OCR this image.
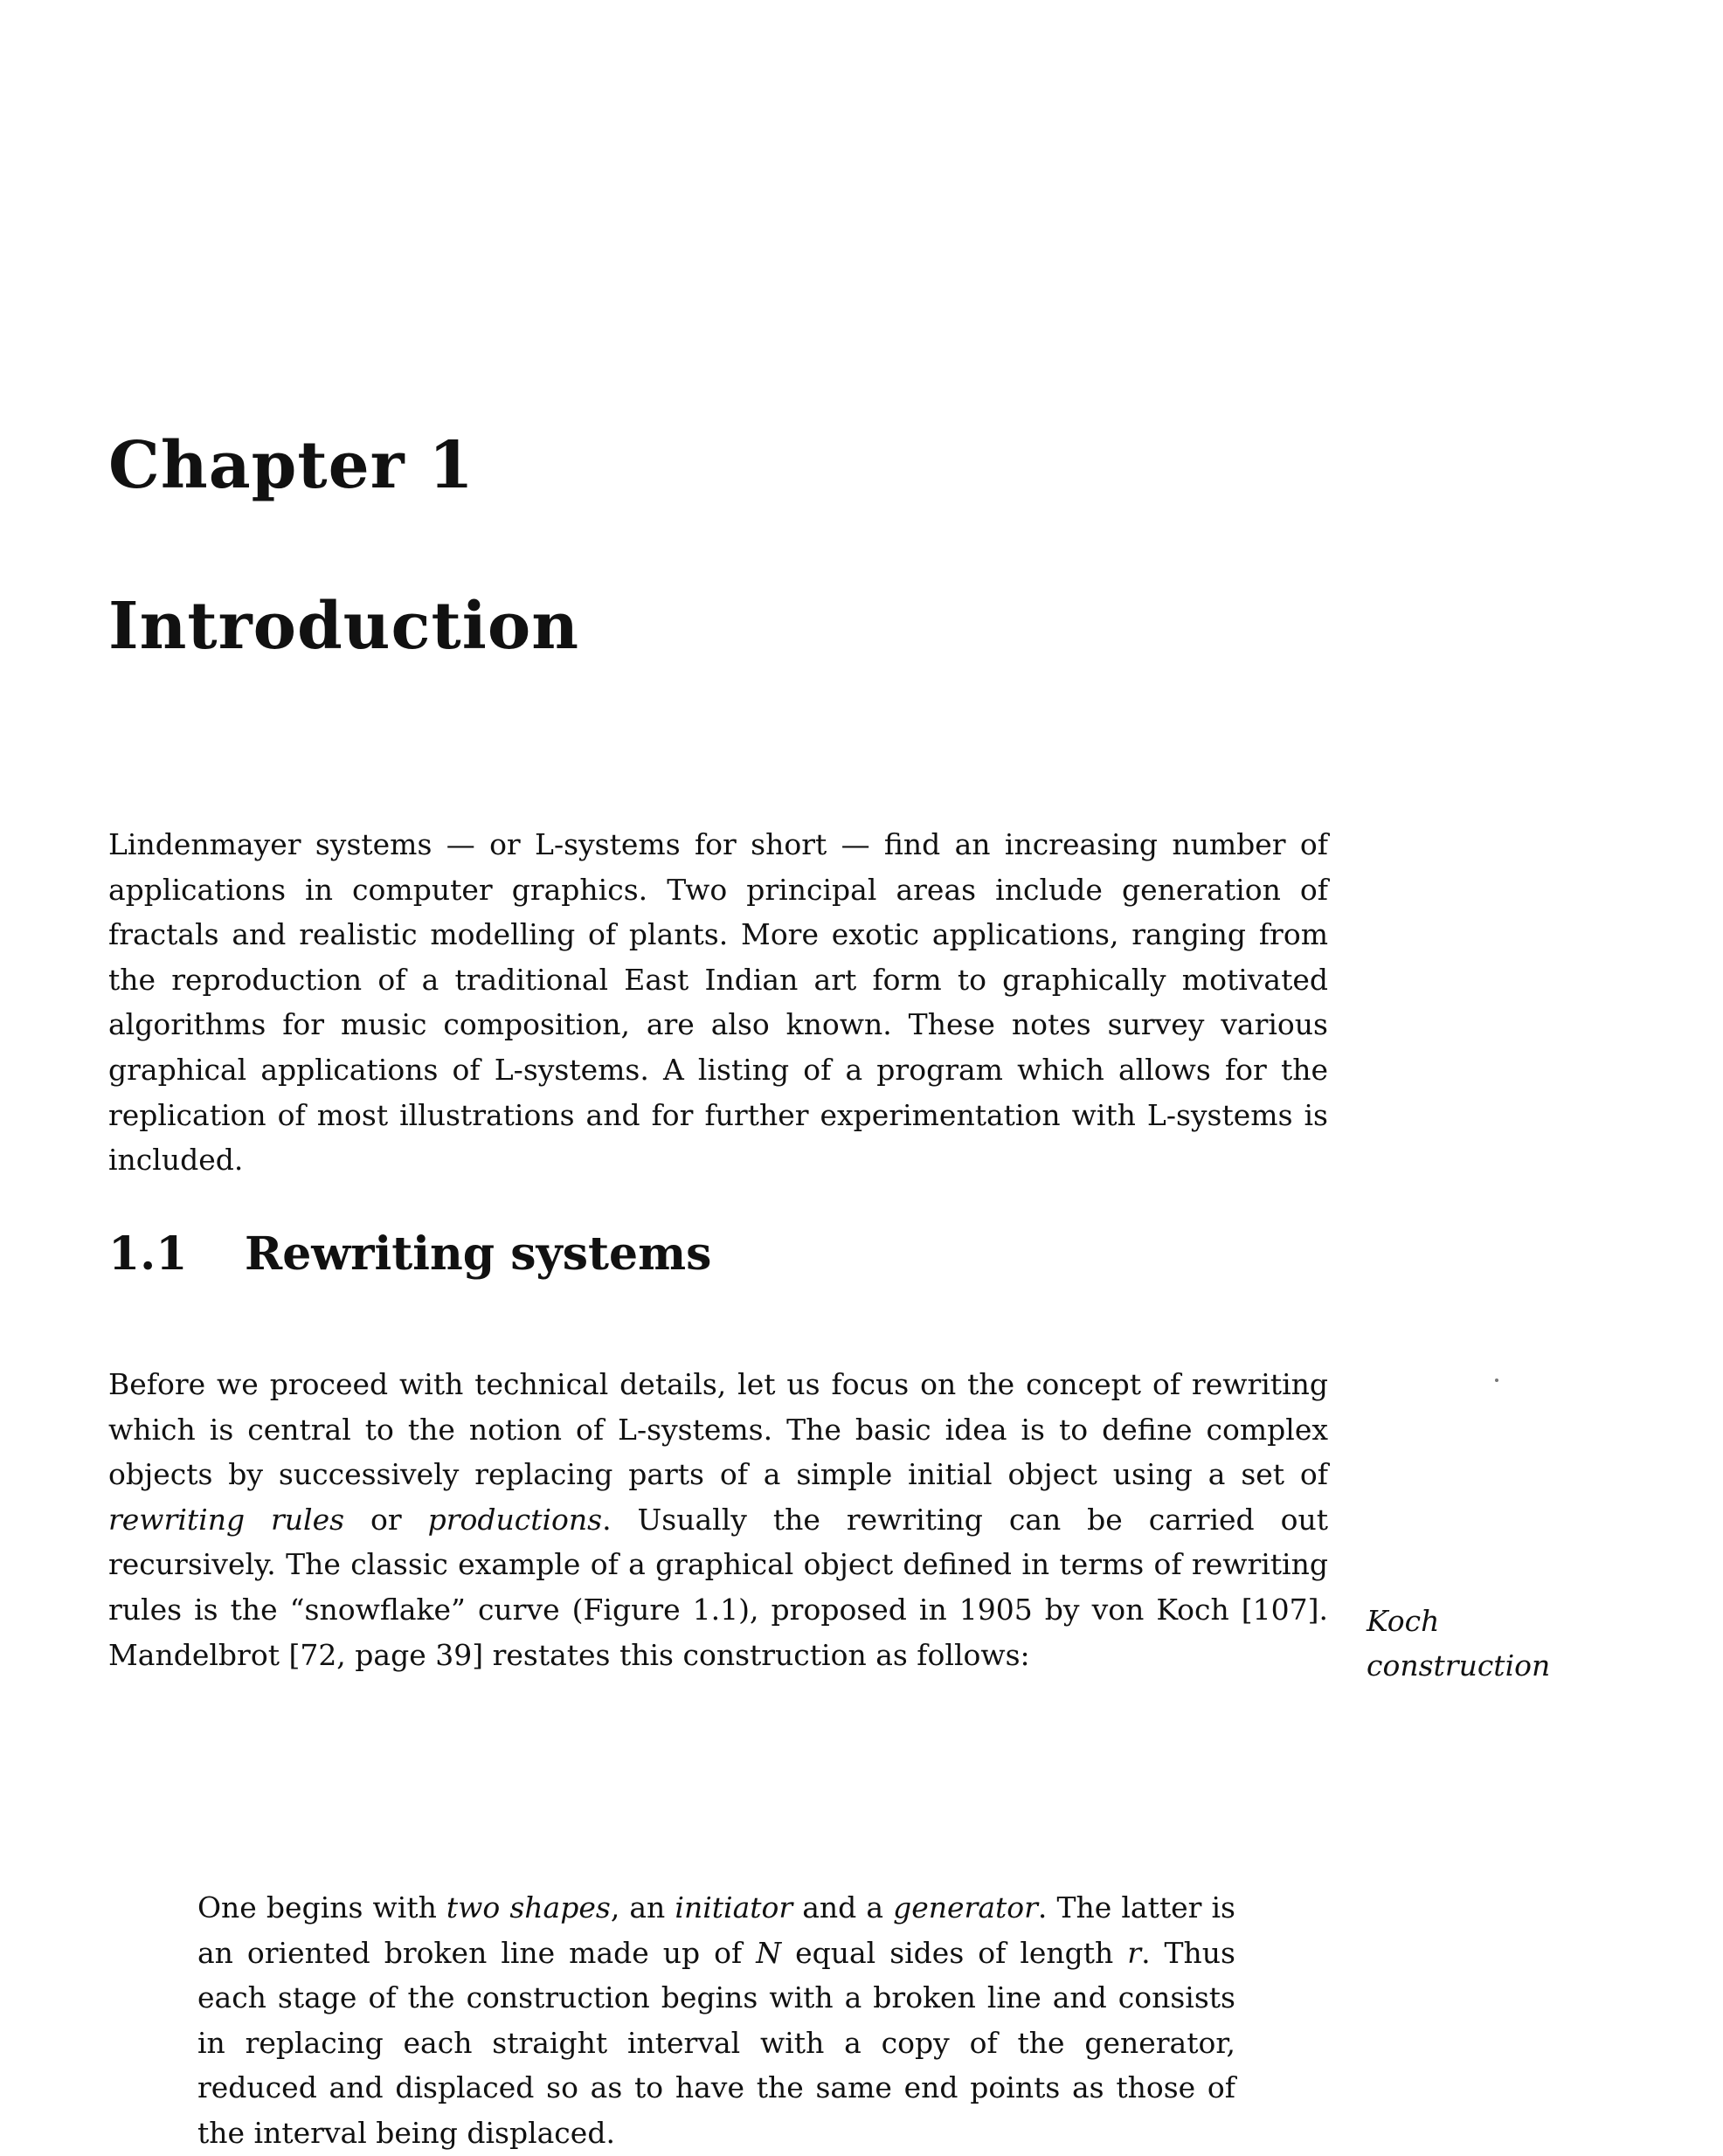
Chapter 1
Introduction

Lindenmayer systems — or L-systems for short — find an increasing number of applications in computer graphics. Two principal areas include generation of fractals and realistic modelling of plants. More exotic applications, ranging from the reproduction of a traditional East Indian art form to graphically motivated algorithms for music composition, are also known. These notes survey various graphical applications of L-systems. A listing of a program which allows for the replication of most illustrations and for further experimentation with L-systems is included.

1.1 Rewriting systems

Before we proceed with technical details, let us focus on the concept of rewriting which is central to the notion of L-systems. The basic idea is to define complex objects by successively replacing parts of a simple initial object using a set of rewriting rules or productions. Usually the rewriting can be carried out recursively. The classic example of a graphical object defined in terms of rewriting rules is the “snowflake” curve (Figure 1.1), proposed in 1905 by von Koch [107]. Mandelbrot [72, page 39] restates this construction as follows:

Koch
construction

One begins with two shapes, an initiator and a generator. The latter is an oriented broken line made up of N equal sides of length r. Thus each stage of the construction begins with a broken line and consists in replacing each straight interval with a copy of the generator, reduced and displaced so as to have the same end points as those of the interval being displaced.
